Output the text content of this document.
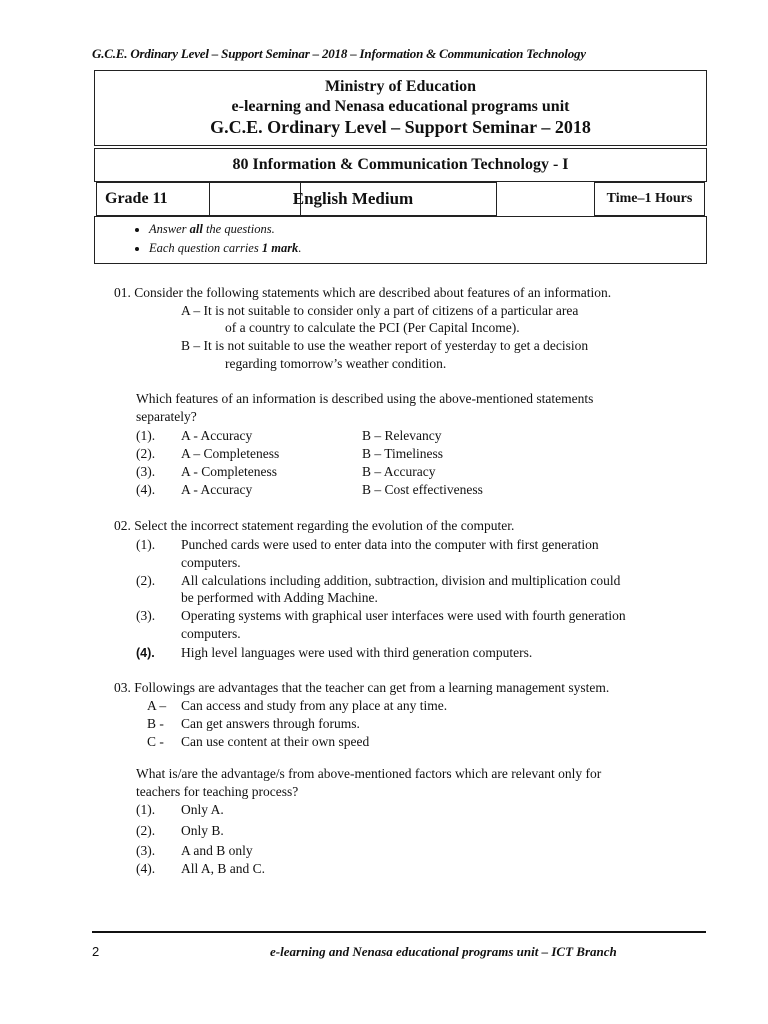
G.C.E. Ordinary Level – Support Seminar – 2018 – Information & Communication Technology
Ministry of Education
e-learning and Nenasa educational programs unit
G.C.E. Ordinary Level – Support Seminar – 2018
80 Information & Communication Technology - I
Grade 11	English Medium	Time–1 Hours
• Answer all the questions.
• Each question carries 1 mark.
01. Consider the following statements which are described about features of an information.
A – It is not suitable to consider only a part of citizens of a particular area
of a country to calculate the PCI (Per Capital Income).
B – It is not suitable to use the weather report of yesterday to get a decision
regarding tomorrow’s weather condition.
Which features of an information is described using the above-mentioned statements
separately?
(1). A - Accuracy	B – Relevancy
(2). A – Completeness	B – Timeliness
(3). A - Completeness	B – Accuracy
(4). A - Accuracy	B – Cost effectiveness
02. Select the incorrect statement regarding the evolution of the computer.
(1). Punched cards were used to enter data into the computer with first generation
computers.
(2). All calculations including addition, subtraction, division and multiplication could
be performed with Adding Machine.
(3). Operating systems with graphical user interfaces were used with fourth generation
computers.
(4). High level languages were used with third generation computers.
03. Followings are advantages that the teacher can get from a learning management system.
A – Can access and study from any place at any time.
B - Can get answers through forums.
C - Can use content at their own speed
What is/are the advantage/s from above-mentioned factors which are relevant only for
teachers for teaching process?
(1). Only A.
(2). Only B.
(3). A and B only
(4). All A, B and C.
2	e-learning and Nenasa educational programs unit – ICT Branch
